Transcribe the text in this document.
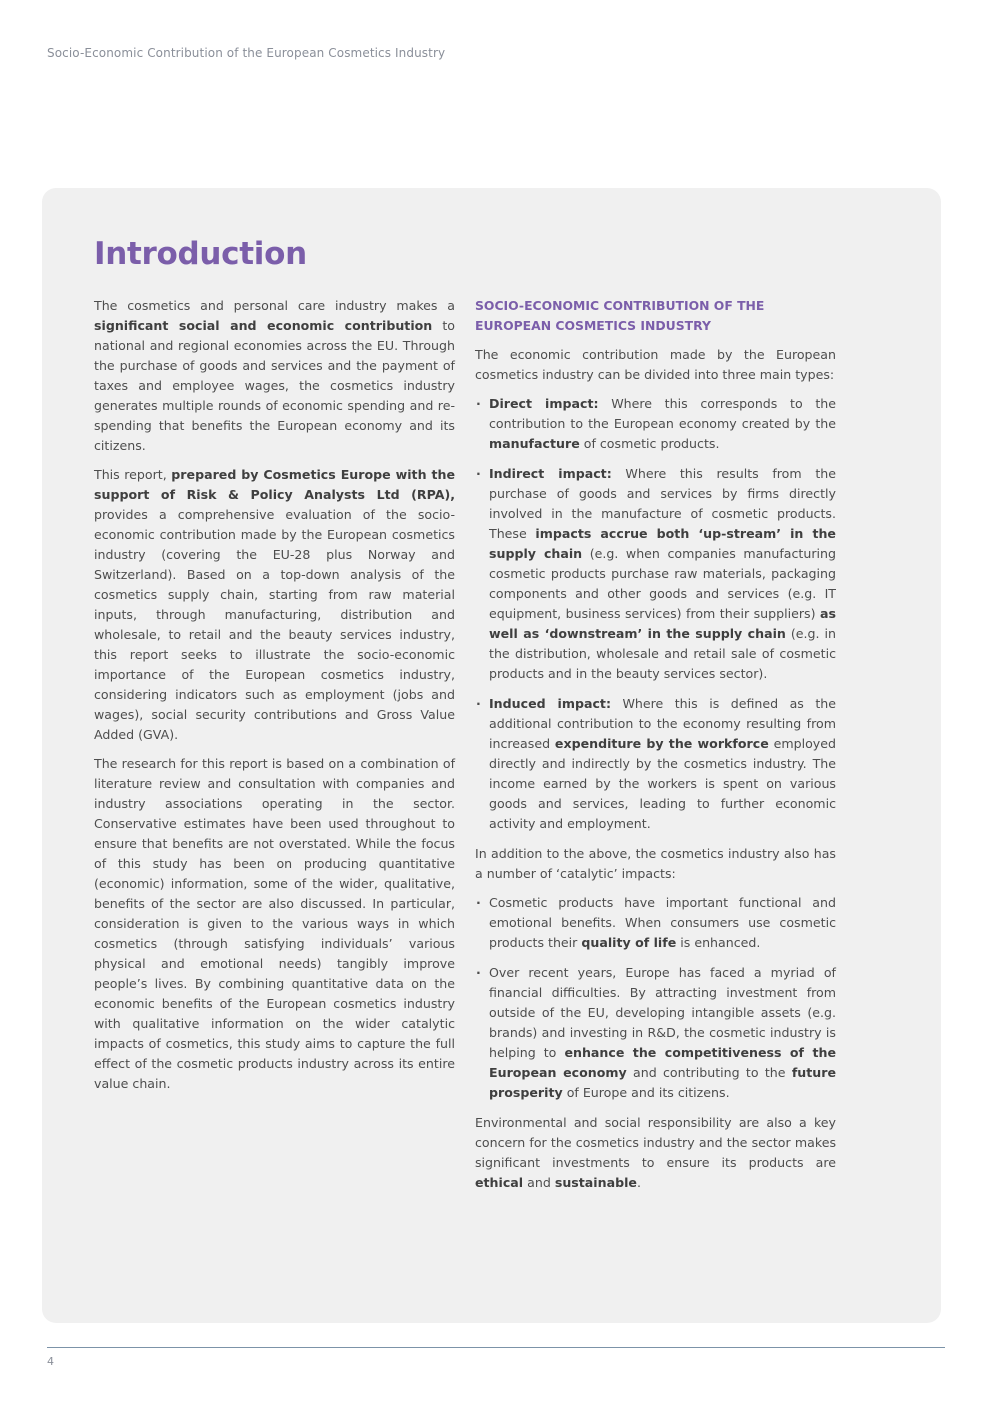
Socio-Economic Contribution of the European Cosmetics Industry
Introduction

The cosmetics and personal care industry makes a significant social and economic contribution to national and regional economies across the EU. Through the purchase of goods and services and the payment of taxes and employee wages, the cosmetics industry generates multiple rounds of economic spending and re-spending that benefits the European economy and its citizens.

This report, prepared by Cosmetics Europe with the support of Risk & Policy Analysts Ltd (RPA), provides a comprehensive evaluation of the socio-economic contribution made by the European cosmetics industry (covering the EU-28 plus Norway and Switzerland). Based on a top-down analysis of the cosmetics supply chain, starting from raw material inputs, through manufacturing, distribution and wholesale, to retail and the beauty services industry, this report seeks to illustrate the socio-economic importance of the European cosmetics industry, considering indicators such as employment (jobs and wages), social security contributions and Gross Value Added (GVA).

The research for this report is based on a combination of literature review and consultation with companies and industry associations operating in the sector. Conservative estimates have been used throughout to ensure that benefits are not overstated. While the focus of this study has been on producing quantitative (economic) information, some of the wider, qualitative, benefits of the sector are also discussed. In particular, consideration is given to the various ways in which cosmetics (through satisfying individuals’ various physical and emotional needs) tangibly improve people’s lives. By combining quantitative data on the economic benefits of the European cosmetics industry with qualitative information on the wider catalytic impacts of cosmetics, this study aims to capture the full effect of the cosmetic products industry across its entire value chain.

SOCIO-ECONOMIC CONTRIBUTION OF THE EUROPEAN COSMETICS INDUSTRY

The economic contribution made by the European cosmetics industry can be divided into three main types:

· Direct impact: Where this corresponds to the contribution to the European economy created by the manufacture of cosmetic products.
· Indirect impact: Where this results from the purchase of goods and services by firms directly involved in the manufacture of cosmetic products. These impacts accrue both ‘up-stream’ in the supply chain (e.g. when companies manufacturing cosmetic products purchase raw materials, packaging components and other goods and services (e.g. IT equipment, business services) from their suppliers) as well as ‘downstream’ in the supply chain (e.g. in the distribution, wholesale and retail sale of cosmetic products and in the beauty services sector).
· Induced impact: Where this is defined as the additional contribution to the economy resulting from increased expenditure by the workforce employed directly and indirectly by the cosmetics industry. The income earned by the workers is spent on various goods and services, leading to further economic activity and employment.

In addition to the above, the cosmetics industry also has a number of ‘catalytic’ impacts:

· Cosmetic products have important functional and emotional benefits. When consumers use cosmetic products their quality of life is enhanced.
· Over recent years, Europe has faced a myriad of financial difficulties. By attracting investment from outside of the EU, developing intangible assets (e.g. brands) and investing in R&D, the cosmetic industry is helping to enhance the competitiveness of the European economy and contributing to the future prosperity of Europe and its citizens.

Environmental and social responsibility are also a key concern for the cosmetics industry and the sector makes significant investments to ensure its products are ethical and sustainable.

4
